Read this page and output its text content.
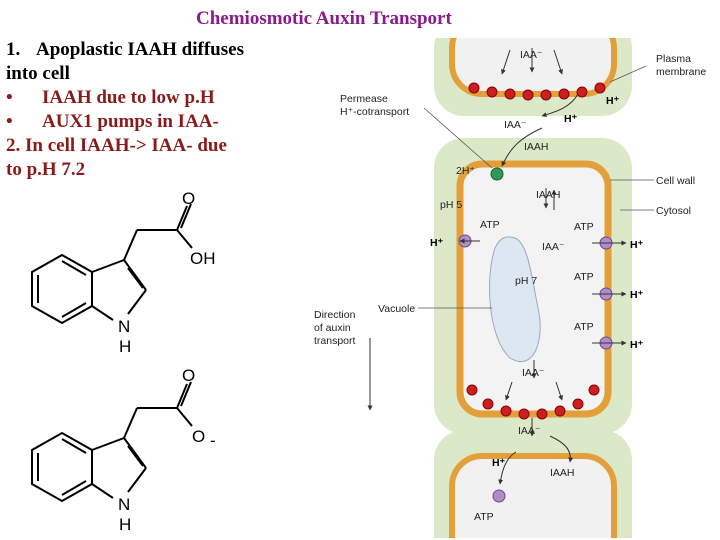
Chemiosmotic Auxin Transport
1. Apoplastic IAAH diffuses
into cell
• IAAH due to low p.H
• AUX1 pumps in IAA-
2. In cell IAAH-> IAA- due
to p.H 7.2
O
OH
N
H
O
O -
N
H
IAA⁻	Plasma
membrane
Permease
H⁺-cotransport
H⁺
IAA⁻	H⁺
IAAH
2H⁺
Cell wall
pH 5
IAAH
Cytosol
ATP	ATP
H⁺	IAA⁻	H⁺
pH 7	ATP
H⁺
Vacuole
Direction
of auxin
transport
ATP
H⁺
IAA⁻
IAA⁻
H⁺
IAAH
ATP
